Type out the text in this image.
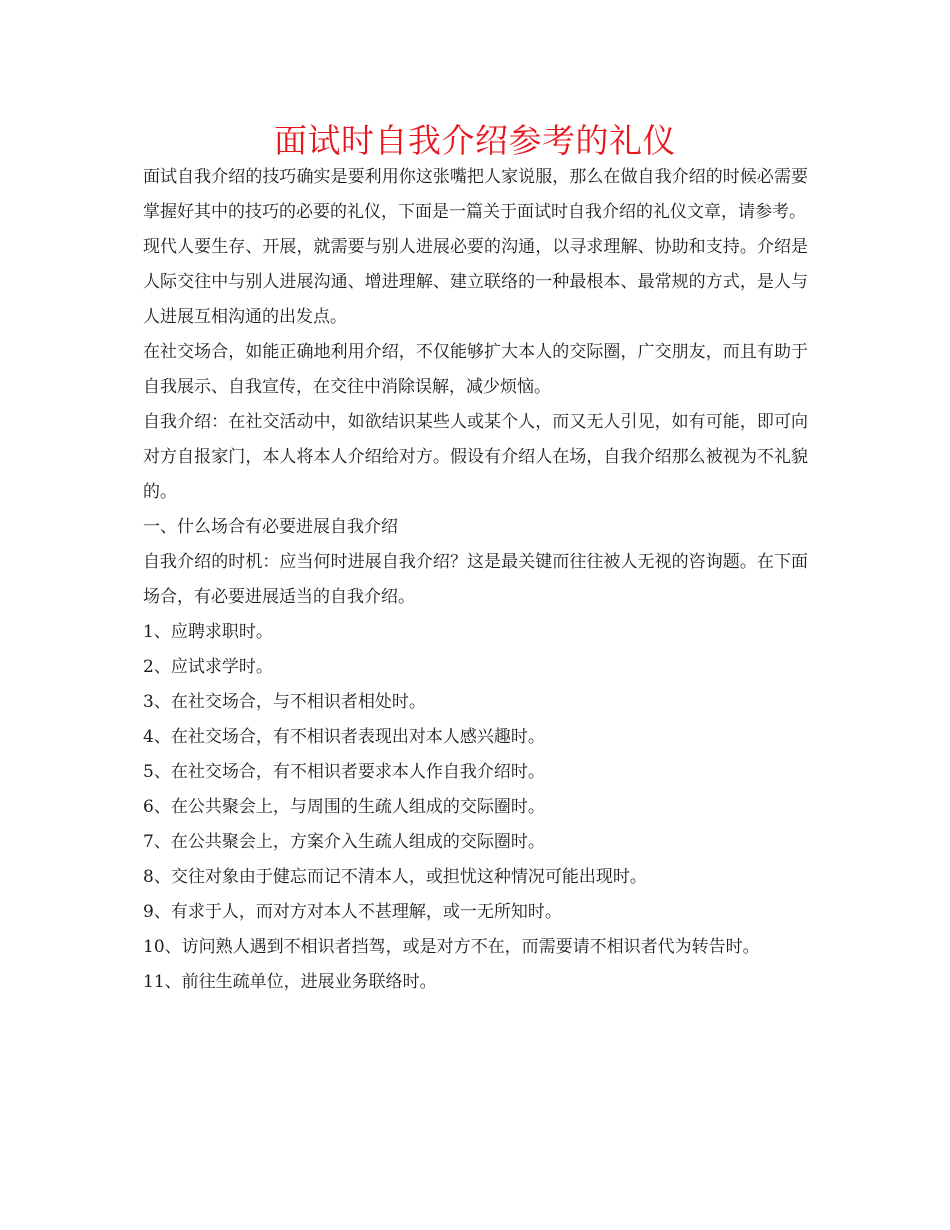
面试时自我介绍参考的礼仪

面试自我介绍的技巧确实是要利用你这张嘴把人家说服，那么在做自我介绍的时候必需要掌握好其中的技巧的必要的礼仪，下面是一篇关于面试时自我介绍的礼仪文章，请参考。

现代人要生存、开展，就需要与别人进展必要的沟通，以寻求理解、协助和支持。介绍是人际交往中与别人进展沟通、增进理解、建立联络的一种最根本、最常规的方式，是人与人进展互相沟通的出发点。

在社交场合，如能正确地利用介绍，不仅能够扩大本人的交际圈，广交朋友，而且有助于自我展示、自我宣传，在交往中消除误解，减少烦恼。

自我介绍：在社交活动中，如欲结识某些人或某个人，而又无人引见，如有可能，即可向对方自报家门，本人将本人介绍给对方。假设有介绍人在场，自我介绍那么被视为不礼貌的。

一、什么场合有必要进展自我介绍

自我介绍的时机：应当何时进展自我介绍？这是最关键而往往被人无视的咨询题。在下面场合，有必要进展适当的自我介绍。

1、应聘求职时。

2、应试求学时。

3、在社交场合，与不相识者相处时。

4、在社交场合，有不相识者表现出对本人感兴趣时。

5、在社交场合，有不相识者要求本人作自我介绍时。

6、在公共聚会上，与周围的生疏人组成的交际圈时。

7、在公共聚会上，方案介入生疏人组成的交际圈时。

8、交往对象由于健忘而记不清本人，或担忧这种情况可能出现时。

9、有求于人，而对方对本人不甚理解，或一无所知时。

10、访问熟人遇到不相识者挡驾，或是对方不在，而需要请不相识者代为转告时。

11、前往生疏单位，进展业务联络时。
